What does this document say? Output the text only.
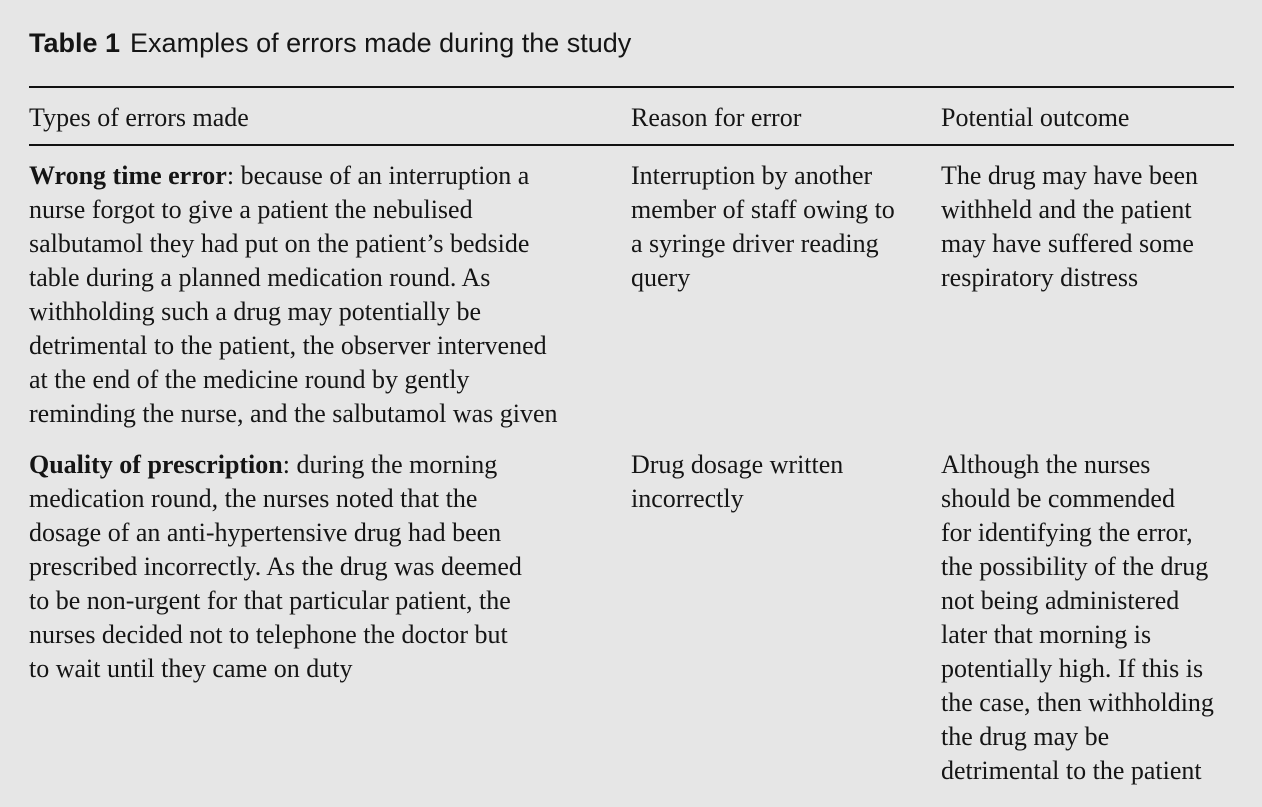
Table 1 Examples of errors made during the study
Types of errors made	Reason for error	Potential outcome
Wrong time error: because of an interruption a
nurse forgot to give a patient the nebulised
salbutamol they had put on the patient’s bedside
table during a planned medication round. As
withholding such a drug may potentially be
detrimental to the patient, the observer intervened
at the end of the medicine round by gently
reminding the nurse, and the salbutamol was given
Interruption by another
member of staff owing to
a syringe driver reading
query
The drug may have been
withheld and the patient
may have suffered some
respiratory distress
Quality of prescription: during the morning
medication round, the nurses noted that the
dosage of an anti-hypertensive drug had been
prescribed incorrectly. As the drug was deemed
to be non-urgent for that particular patient, the
nurses decided not to telephone the doctor but
to wait until they came on duty
Drug dosage written
incorrectly
Although the nurses
should be commended
for identifying the error,
the possibility of the drug
not being administered
later that morning is
potentially high. If this is
the case, then withholding
the drug may be
detrimental to the patient
